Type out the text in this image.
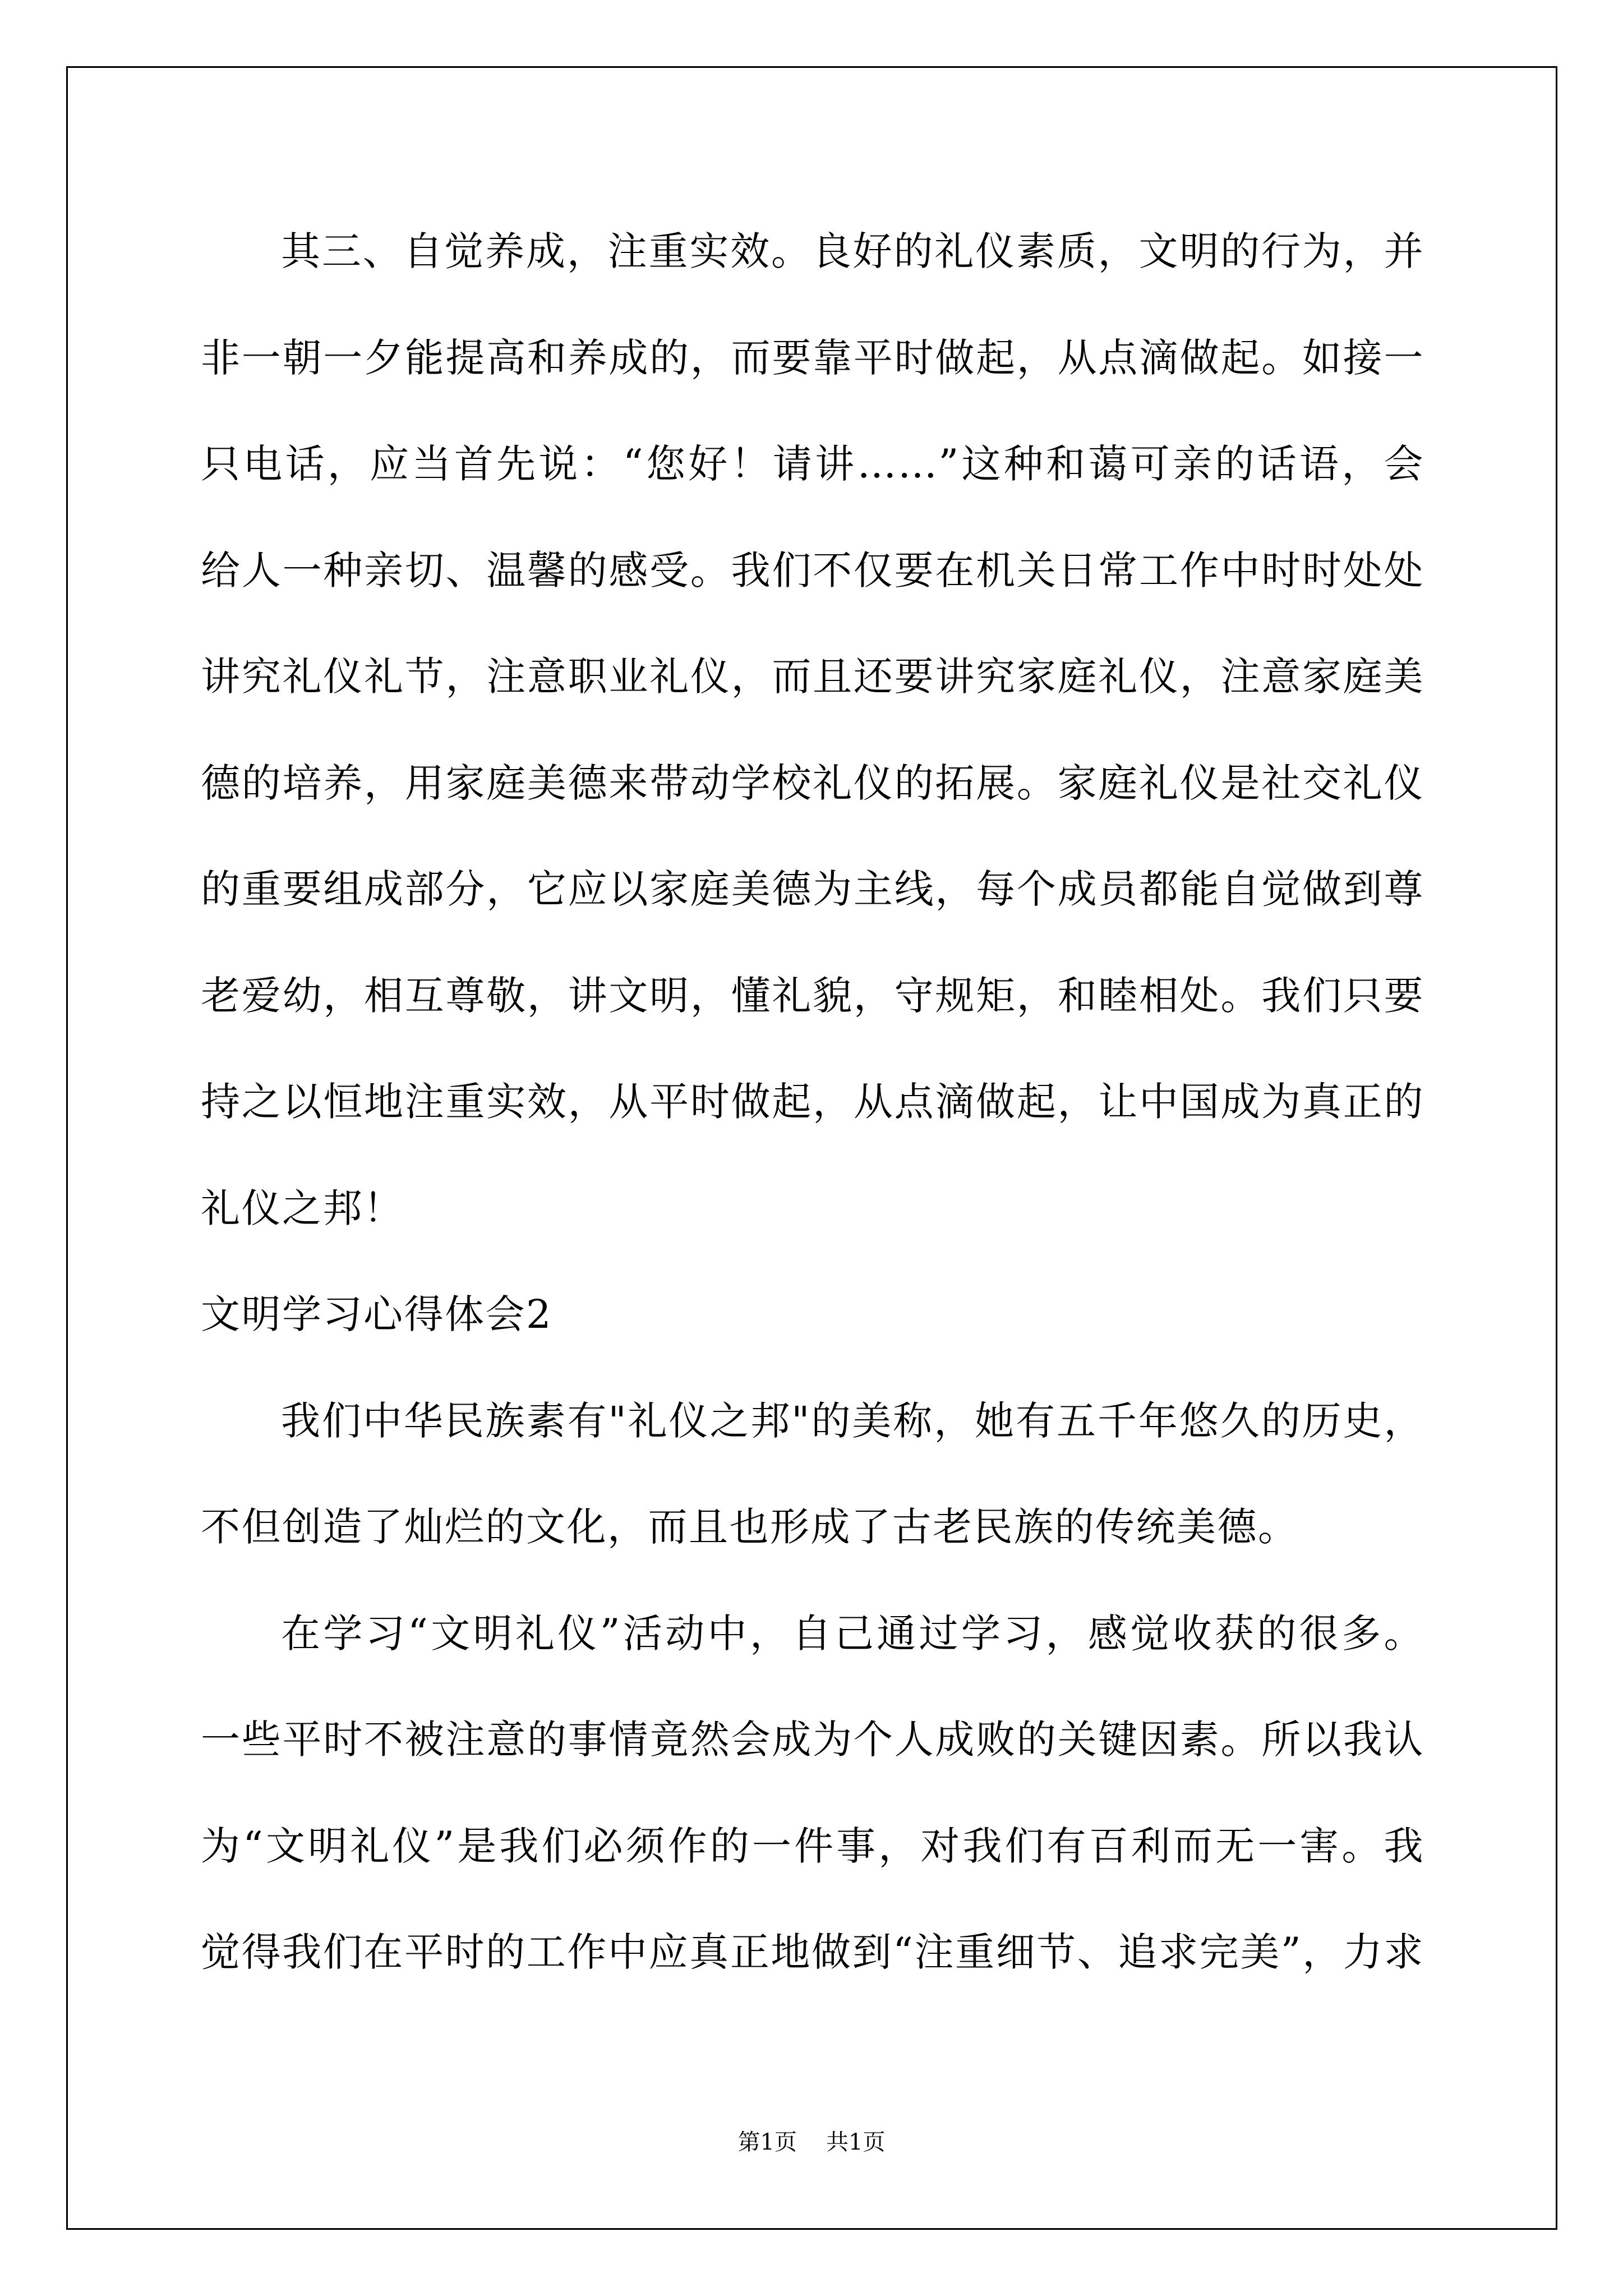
其三、自觉养成，注重实效。良好的礼仪素质，文明的行为，并
非一朝一夕能提高和养成的，而要靠平时做起，从点滴做起。如接一
只电话，应当首先说：“您好！请讲……”这种和蔼可亲的话语，会
给人一种亲切、温馨的感受。我们不仅要在机关日常工作中时时处处
讲究礼仪礼节，注意职业礼仪，而且还要讲究家庭礼仪，注意家庭美
德的培养，用家庭美德来带动学校礼仪的拓展。家庭礼仪是社交礼仪
的重要组成部分，它应以家庭美德为主线，每个成员都能自觉做到尊
老爱幼，相互尊敬，讲文明，懂礼貌，守规矩，和睦相处。我们只要
持之以恒地注重实效，从平时做起，从点滴做起，让中国成为真正的
礼仪之邦！
文明学习心得体会2
我们中华民族素有"礼仪之邦"的美称，她有五千年悠久的历史，
不但创造了灿烂的文化，而且也形成了古老民族的传统美德。
在学习“文明礼仪”活动中，自己通过学习，感觉收获的很多。
一些平时不被注意的事情竟然会成为个人成败的关键因素。所以我认
为“文明礼仪”是我们必须作的一件事，对我们有百利而无一害。我
觉得我们在平时的工作中应真正地做到“注重细节、追求完美”，力求
第1页 共1页
